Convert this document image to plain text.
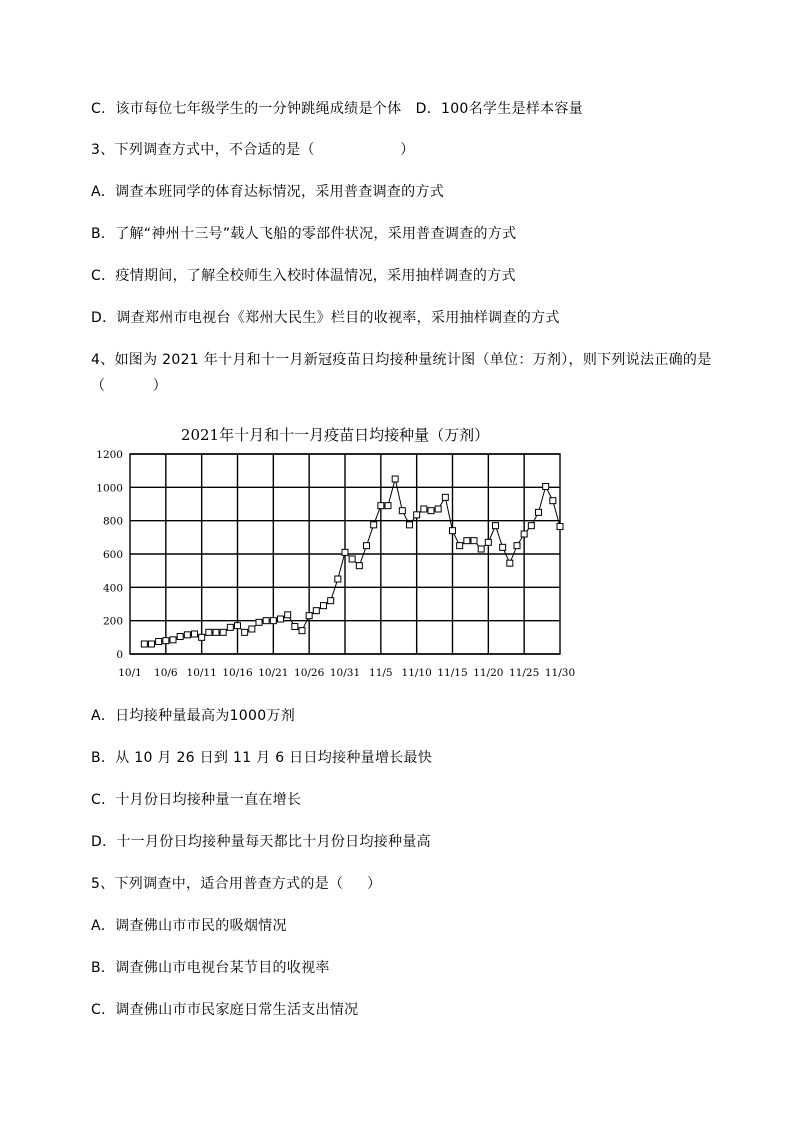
C．该市每位七年级学生的一分钟跳绳成绩是个体   D．100名学生是样本容量
3、下列调查方式中，不合适的是（                  ）
A．调查本班同学的体育达标情况，采用普查调查的方式
B．了解“神州十三号”载人飞船的零部件状况，采用普查调查的方式
C．疫情期间，了解全校师生入校时体温情况，采用抽样调查的方式
D．调查郑州市电视台《郑州大民生》栏目的收视率，采用抽样调查的方式
4、如图为 2021 年十月和十一月新冠疫苗日均接种量统计图（单位：万剂），则下列说法正确的是
（          ）
2021年十月和十一月疫苗日均接种量（万剂）
0
200
400
600
800
1000
1200
10/1 10/6 10/11 10/16 10/21 10/26 10/31 11/5 11/10 11/15 11/20 11/25 11/30
A．日均接种量最高为1000万剂
B．从 10 月 26 日到 11 月 6 日日均接种量增长最快
C．十月份日均接种量一直在增长
D．十一月份日均接种量每天都比十月份日均接种量高
5、下列调查中，适合用普查方式的是（     ）
A．调查佛山市市民的吸烟情况
B．调查佛山市电视台某节目的收视率
C．调查佛山市市民家庭日常生活支出情况
